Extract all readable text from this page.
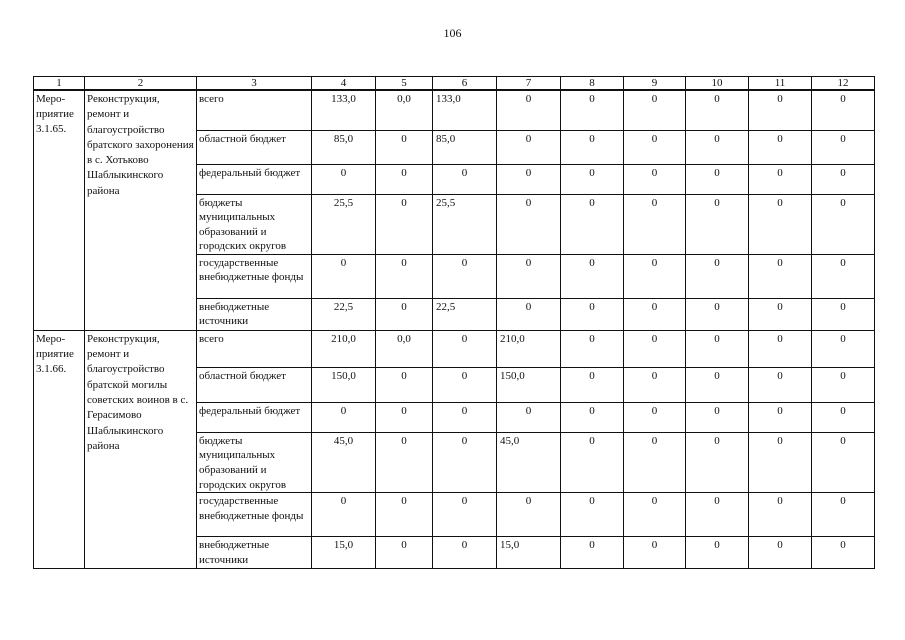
106
1	2	3	4	5	6	7	8	9	10	11	12
Меро-приятие 3.1.65.	Реконструкция, ремонт и благоустройство братского захоронения в с. Хотьково Шаблыкинского района	всего	133,0	0,0	133,0	0	0	0	0	0	0
		областной бюджет	85,0	0	85,0	0	0	0	0	0	0
		федеральный бюджет	0	0	0	0	0	0	0	0	0
		бюджеты муниципальных образований и городских округов	25,5	0	25,5	0	0	0	0	0	0
		государственные внебюджетные фонды	0	0	0	0	0	0	0	0	0
		внебюджетные источники	22,5	0	22,5	0	0	0	0	0	0
Меро-приятие 3.1.66.	Реконструкция, ремонт и благоустройство братской могилы советских воинов в с. Герасимово Шаблыкинского района	всего	210,0	0,0	0	210,0	0	0	0	0	0
		областной бюджет	150,0	0	0	150,0	0	0	0	0	0
		федеральный бюджет	0	0	0	0	0	0	0	0	0
		бюджеты муниципальных образований и городских округов	45,0	0	0	45,0	0	0	0	0	0
		государственные внебюджетные фонды	0	0	0	0	0	0	0	0	0
		внебюджетные источники	15,0	0	0	15,0	0	0	0	0	0
